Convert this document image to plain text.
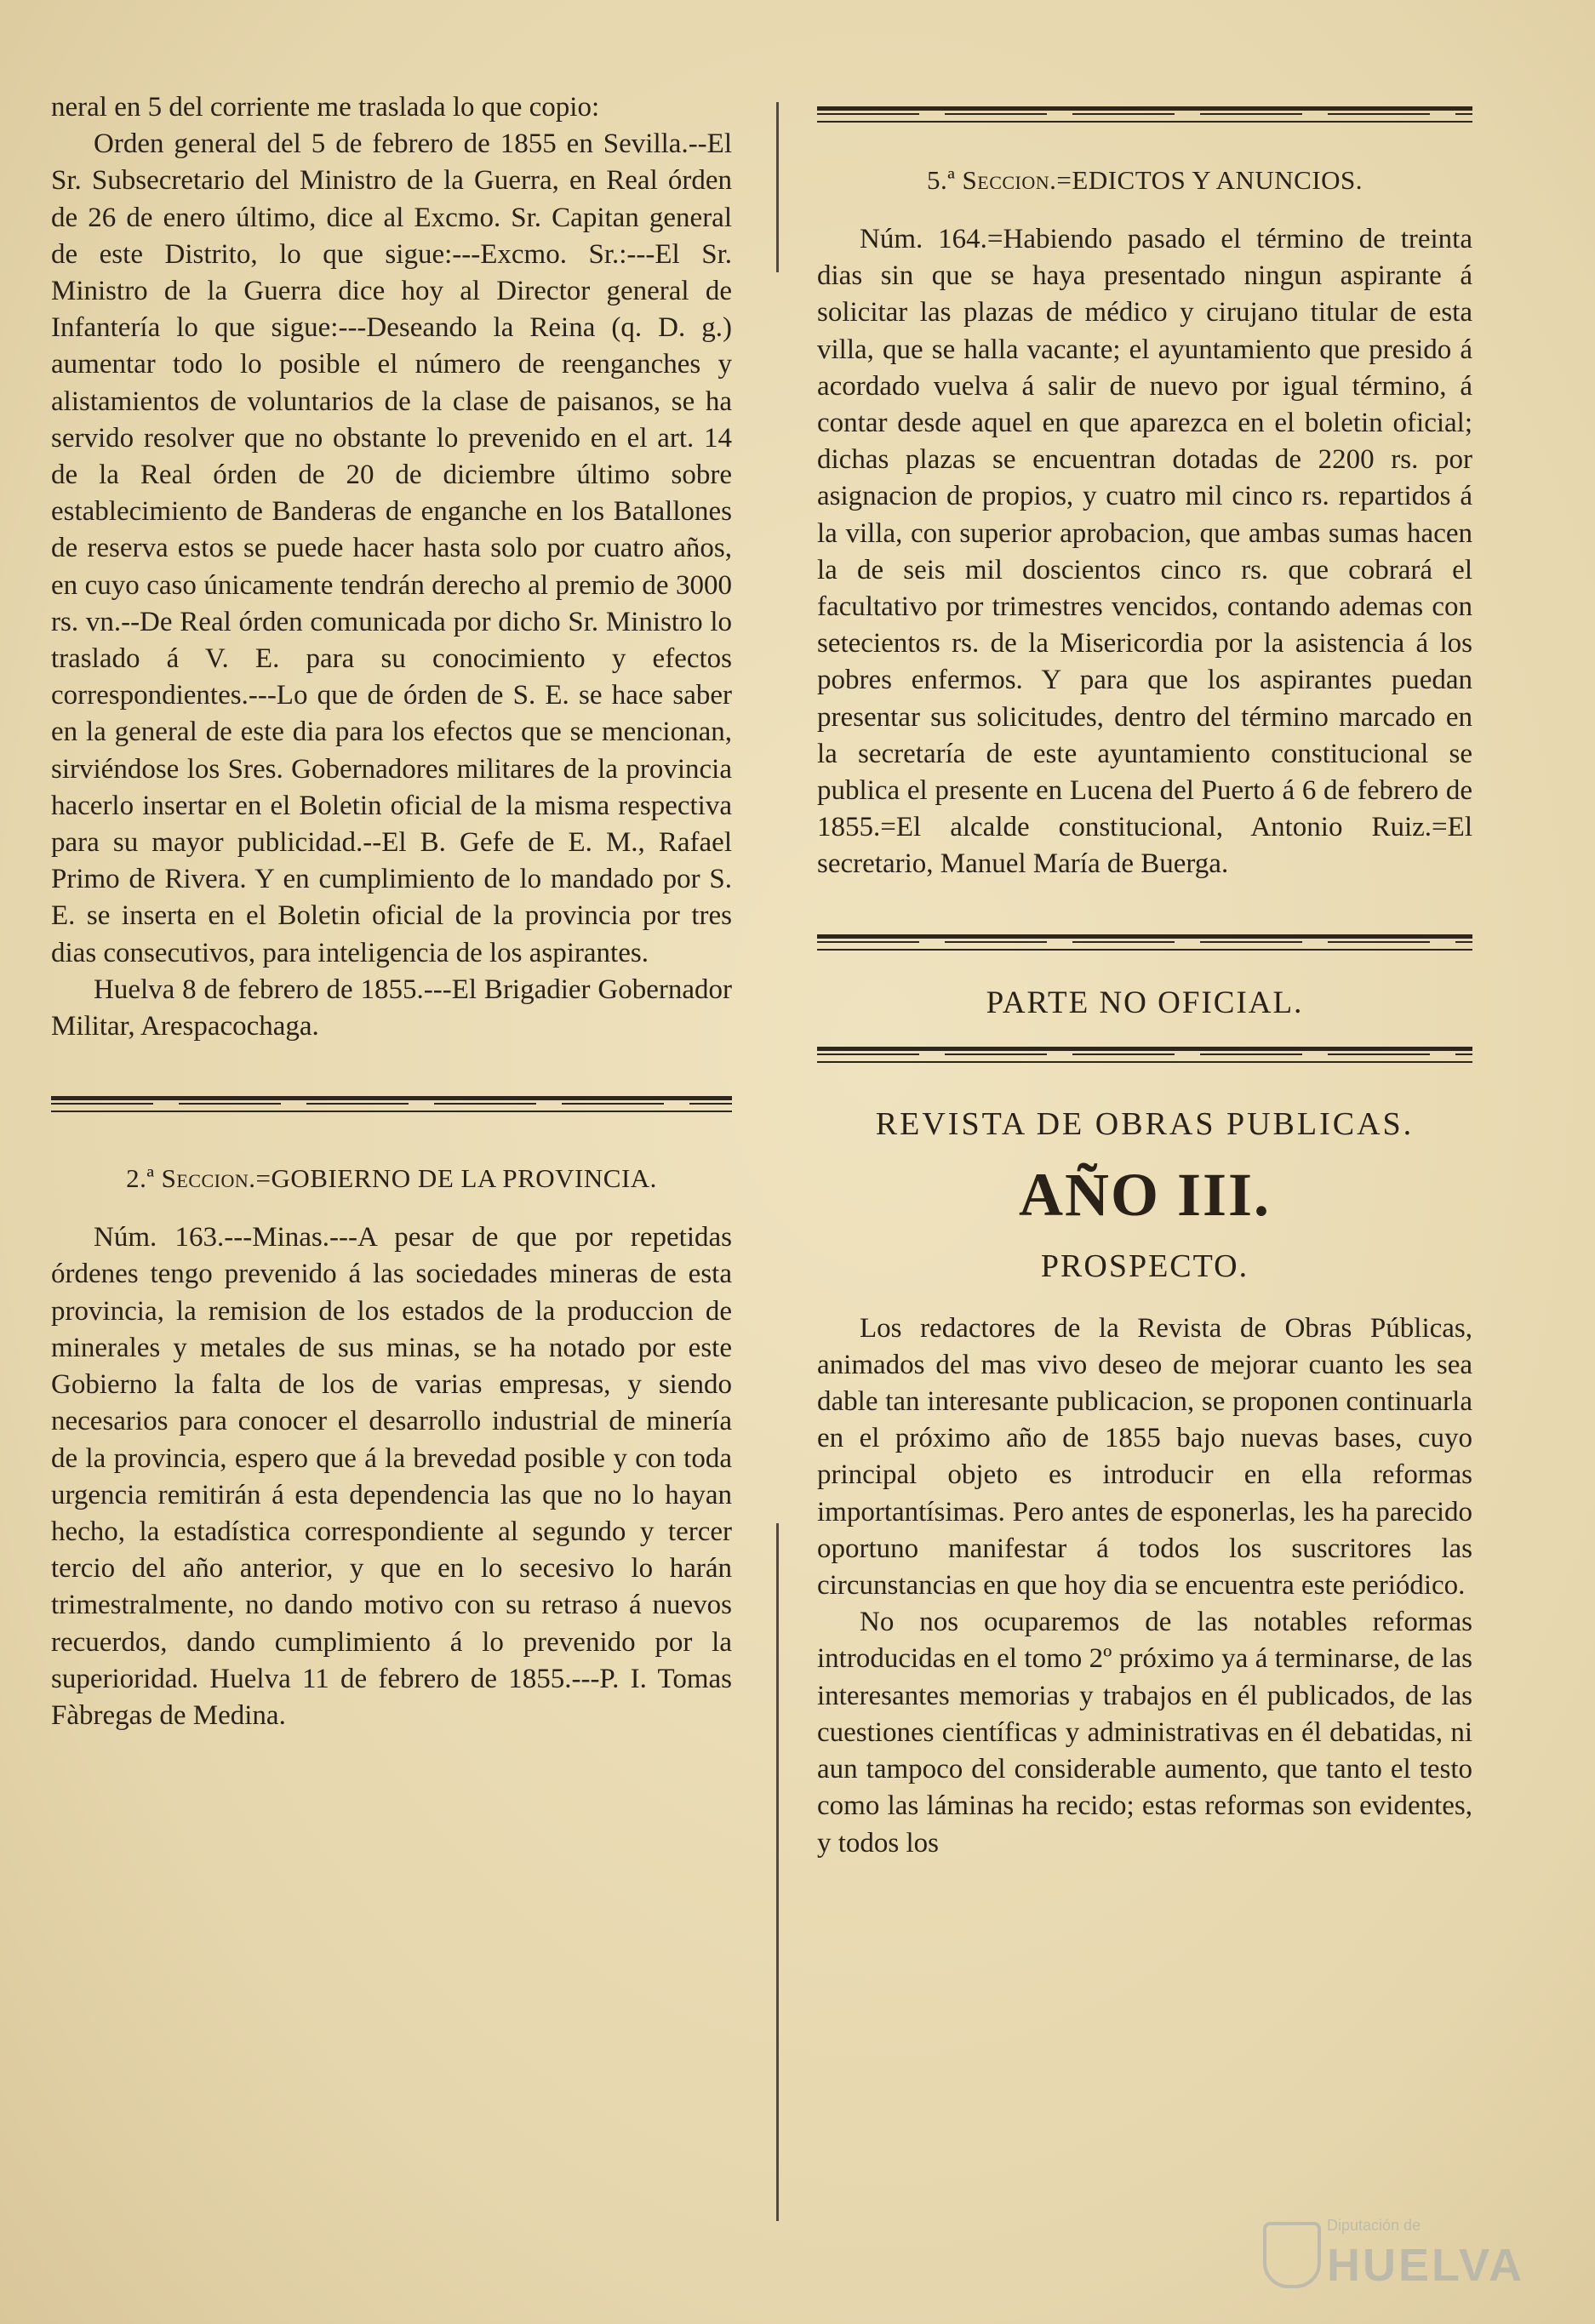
neral en 5 del corriente me traslada lo que copio:

Orden general del 5 de febrero de 1855 en Sevilla.--El Sr. Subsecretario del Ministro de la Guerra, en Real órden de 26 de enero último, dice al Excmo. Sr. Capitan general de este Distrito, lo que sigue:---Excmo. Sr.:---El Sr. Ministro de la Guerra dice hoy al Director general de Infantería lo que sigue:---Deseando la Reina (q. D. g.) aumentar todo lo posible el número de reenganches y alistamientos de voluntarios de la clase de paisanos, se ha servido resolver que no obstante lo prevenido en el art. 14 de la Real órden de 20 de diciembre último sobre establecimiento de Banderas de enganche en los Batallones de reserva estos se puede hacer hasta solo por cuatro años, en cuyo caso únicamente tendrán derecho al premio de 3000 rs. vn.--De Real órden comunicada por dicho Sr. Ministro lo traslado á V. E. para su conocimiento y efectos correspondientes.---Lo que de órden de S. E. se hace saber en la general de este dia para los efectos que se mencionan, sirviéndose los Sres. Gobernadores militares de la provincia hacerlo insertar en el Boletin oficial de la misma respectiva para su mayor publicidad.--El B. Gefe de E. M., Rafael Primo de Rivera. Y en cumplimiento de lo mandado por S. E. se inserta en el Boletin oficial de la provincia por tres dias consecutivos, para inteligencia de los aspirantes.

Huelva 8 de febrero de 1855.---El Brigadier Gobernador Militar, Arespacochaga.

2.ª Seccion.=GOBIERNO DE LA PROVINCIA.

Núm. 163.---Minas.---A pesar de que por repetidas órdenes tengo prevenido á las sociedades mineras de esta provincia, la remision de los estados de la produccion de minerales y metales de sus minas, se ha notado por este Gobierno la falta de los de varias empresas, y siendo necesarios para conocer el desarrollo industrial de minería de la provincia, espero que á la brevedad posible y con toda urgencia remitirán á esta dependencia las que no lo hayan hecho, la estadística correspondiente al segundo y tercer tercio del año anterior, y que en lo secesivo lo harán trimestralmente, no dando motivo con su retraso á nuevos recuerdos, dando cumplimiento á lo prevenido por la superioridad. Huelva 11 de febrero de 1855.---P. I. Tomas Fàbregas de Medina.

5.ª Seccion.=EDICTOS Y ANUNCIOS.

Núm. 164.=Habiendo pasado el término de treinta dias sin que se haya presentado ningun aspirante á solicitar las plazas de médico y cirujano titular de esta villa, que se halla vacante; el ayuntamiento que presido á acordado vuelva á salir de nuevo por igual término, á contar desde aquel en que aparezca en el boletin oficial; dichas plazas se encuentran dotadas de 2200 rs. por asignacion de propios, y cuatro mil cinco rs. repartidos á la villa, con superior aprobacion, que ambas sumas hacen la de seis mil doscientos cinco rs. que cobrará el facultativo por trimestres vencidos, contando ademas con setecientos rs. de la Misericordia por la asistencia á los pobres enfermos. Y para que los aspirantes puedan presentar sus solicitudes, dentro del término marcado en la secretaría de este ayuntamiento constitucional se publica el presente en Lucena del Puerto á 6 de febrero de 1855.=El alcalde constitucional, Antonio Ruiz.=El secretario, Manuel María de Buerga.

PARTE NO OFICIAL.
REVISTA DE OBRAS PUBLICAS.
AÑO III.
PROSPECTO.

Los redactores de la Revista de Obras Públicas, animados del mas vivo deseo de mejorar cuanto les sea dable tan interesante publicacion, se proponen continuarla en el próximo año de 1855 bajo nuevas bases, cuyo principal objeto es introducir en ella reformas importantísimas. Pero antes de esponerlas, les ha parecido oportuno manifestar á todos los suscritores las circunstancias en que hoy dia se encuentra este periódico.

No nos ocuparemos de las notables reformas introducidas en el tomo 2º próximo ya á terminarse, de las interesantes memorias y trabajos en él publicados, de las cuestiones científicas y administrativas en él debatidas, ni aun tampoco del considerable aumento, que tanto el testo como las láminas ha recido; estas reformas son evidentes, y todos los

Diputación de
HUELVA
